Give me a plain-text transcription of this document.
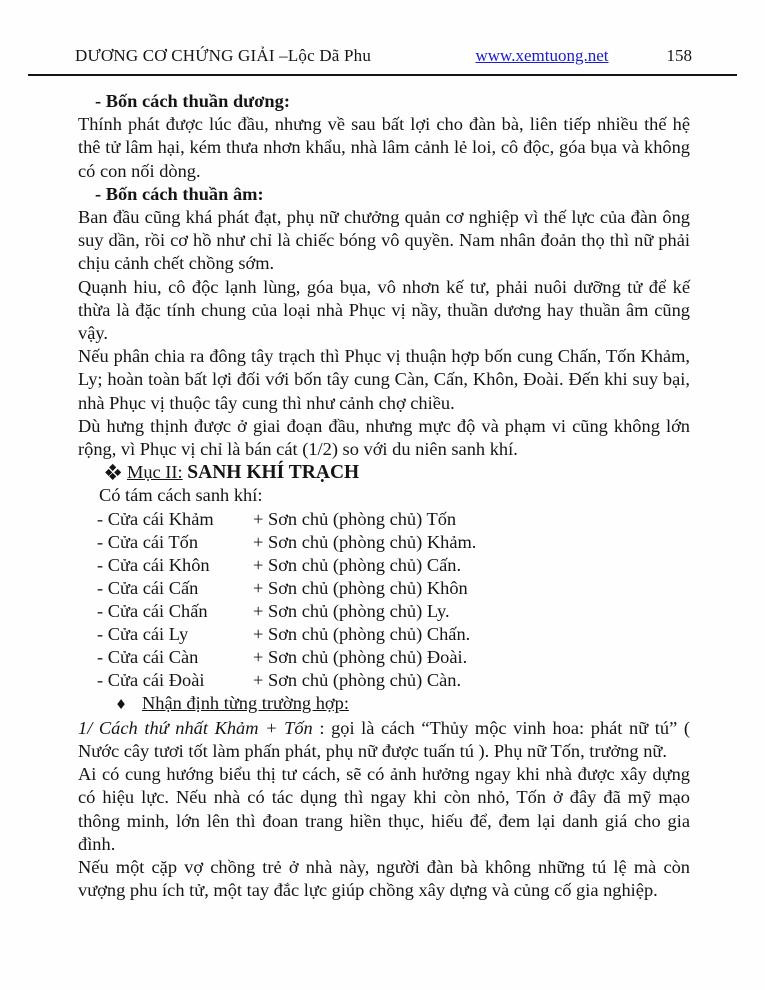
DƯƠNG CƠ CHỨNG GIẢI –Lộc Dã Phu	www.xemtuong.net	158

- Bốn cách thuần dương:

Thính phát được lúc đầu, nhưng về sau bất lợi cho đàn bà, liên tiếp nhiều thế hệ thê tử lâm hại, kém thưa nhơn khẩu, nhà lâm cảnh lẻ loi, cô độc, góa bụa và không có con nối dòng.

- Bốn cách thuần âm:

Ban đầu cũng khá phát đạt, phụ nữ chưởng quản cơ nghiệp vì thế lực của đàn ông suy dần, rồi cơ hồ như chỉ là chiếc bóng vô quyền. Nam nhân đoản thọ thì nữ phải chịu cảnh chết chồng sớm.

Quạnh hiu, cô độc lạnh lùng, góa bụa, vô nhơn kế tư, phải nuôi dưỡng tử để kế thừa là đặc tính chung của loại nhà Phục vị nầy, thuần dương hay thuần âm cũng vậy.

Nếu phân chia ra đông tây trạch thì Phục vị thuận hợp bốn cung Chấn, Tốn Khảm, Ly; hoàn toàn bất lợi đối với bốn tây cung Càn, Cấn, Khôn, Đoài. Đến khi suy bại, nhà Phục vị thuộc tây cung thì như cảnh chợ chiều.

Dù hưng thịnh được ở giai đoạn đầu, nhưng mực độ và phạm vi cũng không lớn rộng, vì Phục vị chỉ là bán cát (1/2) so với du niên sanh khí.

Mục II: SANH KHÍ TRẠCH

Có tám cách sanh khí:

- Cửa cái Khảm	+ Sơn chủ (phòng chủ) Tốn
- Cửa cái Tốn	+ Sơn chủ (phòng chủ) Khảm.
- Cửa cái Khôn	+ Sơn chủ (phòng chủ) Cấn.
- Cửa cái Cấn	+ Sơn chủ (phòng chủ) Khôn
- Cửa cái Chấn	+ Sơn chủ (phòng chủ) Ly.
- Cửa cái Ly	+ Sơn chủ (phòng chủ) Chấn.
- Cửa cái Càn	+ Sơn chủ (phòng chủ) Đoài.
- Cửa cái Đoài	+ Sơn chủ (phòng chủ) Càn.

♦ Nhận định từng trường hợp:

1/ Cách thứ nhất Khảm + Tốn : gọi là cách “Thủy mộc vinh hoa: phát nữ tú” ( Nước cây tươi tốt làm phấn phát, phụ nữ được tuấn tú ). Phụ nữ Tốn, trưởng nữ.

Ai có cung hướng biểu thị tư cách, sẽ có ảnh hưởng ngay khi nhà được xây dựng có hiệu lực. Nếu nhà có tác dụng thì ngay khi còn nhỏ, Tốn ở đây đã mỹ mạo thông minh, lớn lên thì đoan trang hiền thục, hiếu để, đem lại danh giá cho gia đình.

Nếu một cặp vợ chồng trẻ ở nhà này, người đàn bà không những tú lệ mà còn vượng phu ích tử, một tay đắc lực giúp chồng xây dựng và củng cố gia nghiệp.
